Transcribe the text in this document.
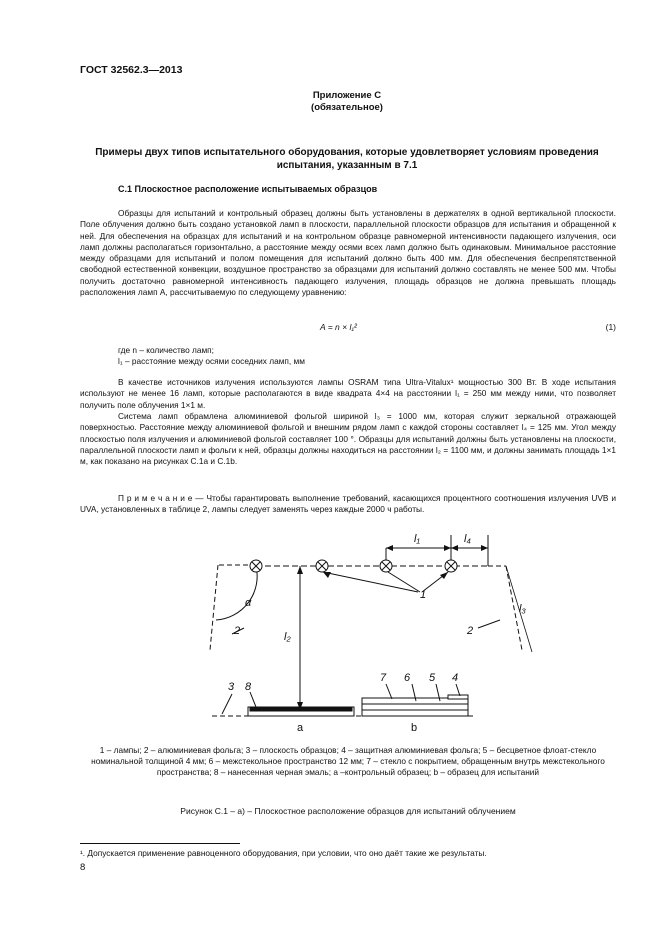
ГОСТ 32562.3—2013
Приложение С
(обязательное)
Примеры двух типов испытательного оборудования, которые удовлетворяет условиям проведения испытания, указанным в 7.1
С.1 Плоскостное расположение испытываемых образцов
Образцы для испытаний и контрольный образец должны быть установлены в держателях в одной вертикальной плоскости. Поле облучения должно быть создано установкой ламп в плоскости, параллельной плоскости образцов для испытания и обращенной к ней. Для обеспечения на образцах для испытаний и на контрольном образце равномерной интенсивности падающего излучения, оси ламп должны располагаться горизонтально, а расстояние между осями всех ламп должно быть одинаковым. Минимальное расстояние между образцами для испытаний и полом помещения для испытаний должно быть 400 мм. Для обеспечения беспрепятственной свободной естественной конвекции, воздушное пространство за образцами для испытаний должно составлять не менее 500 мм. Чтобы получить достаточно равномерной интенсивность падающего излучения, площадь образцов не должна превышать площадь расположения ламп А, рассчитываемую по следующему уравнению:
A = n × l₁²	(1)
где n – количество ламп;
l₁ – расстояние между осями соседних ламп, мм
В качестве источников излучения используются лампы OSRAM типа Ultra-Vitalux¹ мощностью 300 Вт. В ходе испытания используют не менее 16 ламп, которые располагаются в виде квадрата 4×4 на расстоянии l₁ = 250 мм между ними, что позволяет получить поле облучения 1×1 м.
Система ламп обрамлена алюминиевой фольгой шириной l₃ = 1000 мм, которая служит зеркальной отражающей поверхностью. Расстояние между алюминиевой фольгой и внешним рядом ламп с каждой стороны составляет l₄ = 125 мм. Угол между плоскостью поля излучения и алюминиевой фольгой составляет 100 °. Образцы для испытаний должны быть установлены на плоскости, параллельной плоскости ламп и фольги к ней, образцы должны находиться на расстоянии l₂ = 1100 мм, и должны занимать площадь 1×1 м, как показано на рисунках С.1a и С.1b.
П р и м е ч а н и е — Чтобы гарантировать выполнение требований, касающихся процентного соотношения излучения UVB и UVA, установленных в таблице 2, лампы следует заменять через каждые 2000 ч работы.
l₁	l₄
l₂
l₃
α
1
2	2
3 8
7 6 5 4
a	b
1 – лампы; 2 – алюминиевая фольга; 3 – плоскость образцов; 4 – защитная алюминиевая фольга; 5 – бесцветное флоат-стекло номинальной толщиной 4 мм; 6 – межстекольное пространство 12 мм; 7 – стекло с покрытием, обращенным внутрь межстекольного пространства; 8 – нанесенная черная эмаль; а –контрольный образец; b – образец для испытаний
Рисунок С.1 – a) – Плоскостное расположение образцов для испытаний облучением
¹. Допускается применение равноценного оборудования, при условии, что оно даёт такие же результаты.
8
